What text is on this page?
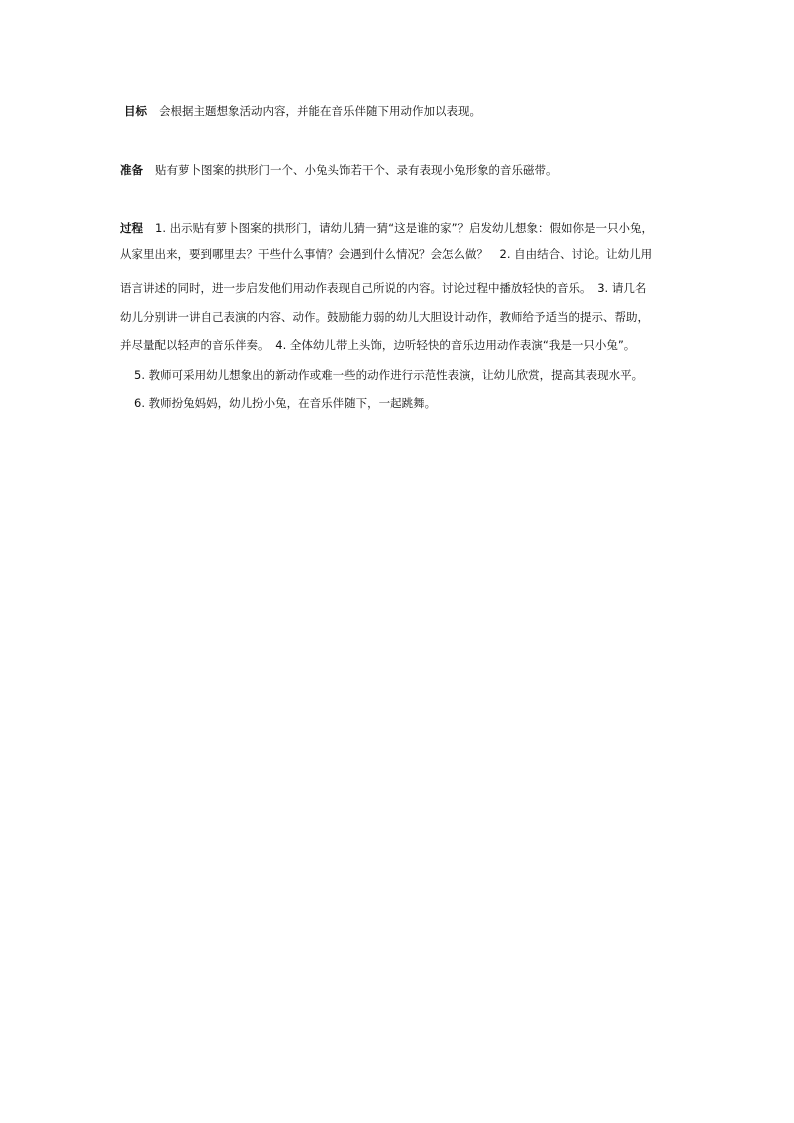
目标 会根据主题想象活动内容，并能在音乐伴随下用动作加以表现。
准备 贴有萝卜图案的拱形门一个、小兔头饰若干个、录有表现小兔形象的音乐磁带。
过程 1. 出示贴有萝卜图案的拱形门，请幼儿猜一猜“这是谁的家”？启发幼儿想象：假如你是一只小兔，
从家里出来，要到哪里去？干些什么事情？会遇到什么情况？会怎么做？　2. 自由结合、讨论。让幼儿用
语言讲述的同时，进一步启发他们用动作表现自己所说的内容。讨论过程中播放轻快的音乐。　3. 请几名
幼儿分别讲一讲自己表演的内容、动作。鼓励能力弱的幼儿大胆设计动作，教师给予适当的提示、帮助，
并尽量配以轻声的音乐伴奏。　4. 全体幼儿带上头饰，边听轻快的音乐边用动作表演“我是一只小兔”。
5. 教师可采用幼儿想象出的新动作或难一些的动作进行示范性表演，让幼儿欣赏，提高其表现水平。
6. 教师扮兔妈妈，幼儿扮小兔，在音乐伴随下，一起跳舞。
